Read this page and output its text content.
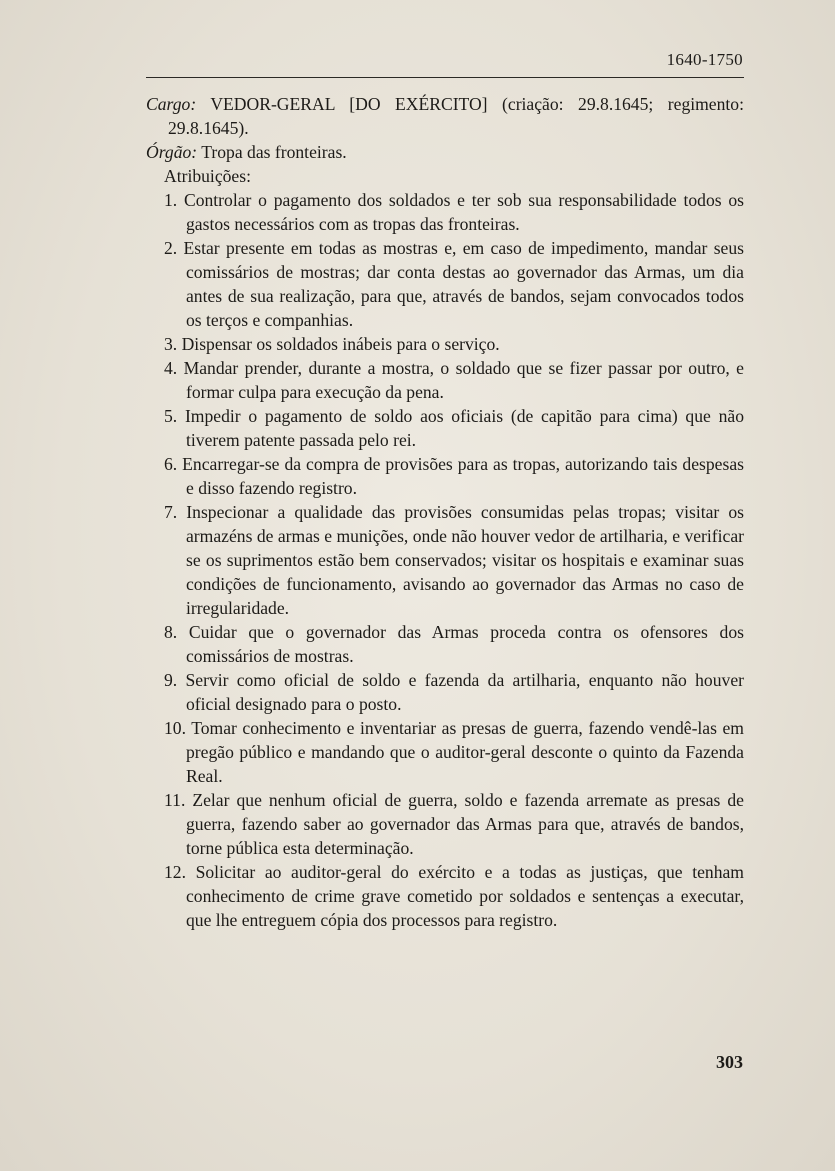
1640-1750

Cargo: VEDOR-GERAL [DO EXÉRCITO] (criação: 29.8.1645; regimento: 29.8.1645).

Órgão: Tropa das fronteiras.

Atribuições:

1. Controlar o pagamento dos soldados e ter sob sua responsabilidade todos os gastos necessários com as tropas das fronteiras.

2. Estar presente em todas as mostras e, em caso de impedimento, mandar seus comissários de mostras; dar conta destas ao governador das Armas, um dia antes de sua realização, para que, através de bandos, sejam convocados todos os terços e companhias.

3. Dispensar os soldados inábeis para o serviço.

4. Mandar prender, durante a mostra, o soldado que se fizer passar por outro, e formar culpa para execução da pena.

5. Impedir o pagamento de soldo aos oficiais (de capitão para cima) que não tiverem patente passada pelo rei.

6. Encarregar-se da compra de provisões para as tropas, autorizando tais despesas e disso fazendo registro.

7. Inspecionar a qualidade das provisões consumidas pelas tropas; visitar os armazéns de armas e munições, onde não houver vedor de artilharia, e verificar se os suprimentos estão bem conservados; visitar os hospitais e examinar suas condições de funcionamento, avisando ao governador das Armas no caso de irregularidade.

8. Cuidar que o governador das Armas proceda contra os ofensores dos comissários de mostras.

9. Servir como oficial de soldo e fazenda da artilharia, enquanto não houver oficial designado para o posto.

10. Tomar conhecimento e inventariar as presas de guerra, fazendo vendê-las em pregão público e mandando que o auditor-geral desconte o quinto da Fazenda Real.

11. Zelar que nenhum oficial de guerra, soldo e fazenda arremate as presas de guerra, fazendo saber ao governador das Armas para que, através de bandos, torne pública esta determinação.

12. Solicitar ao auditor-geral do exército e a todas as justiças, que tenham conhecimento de crime grave cometido por soldados e sentenças a executar, que lhe entreguem cópia dos processos para registro.

303
